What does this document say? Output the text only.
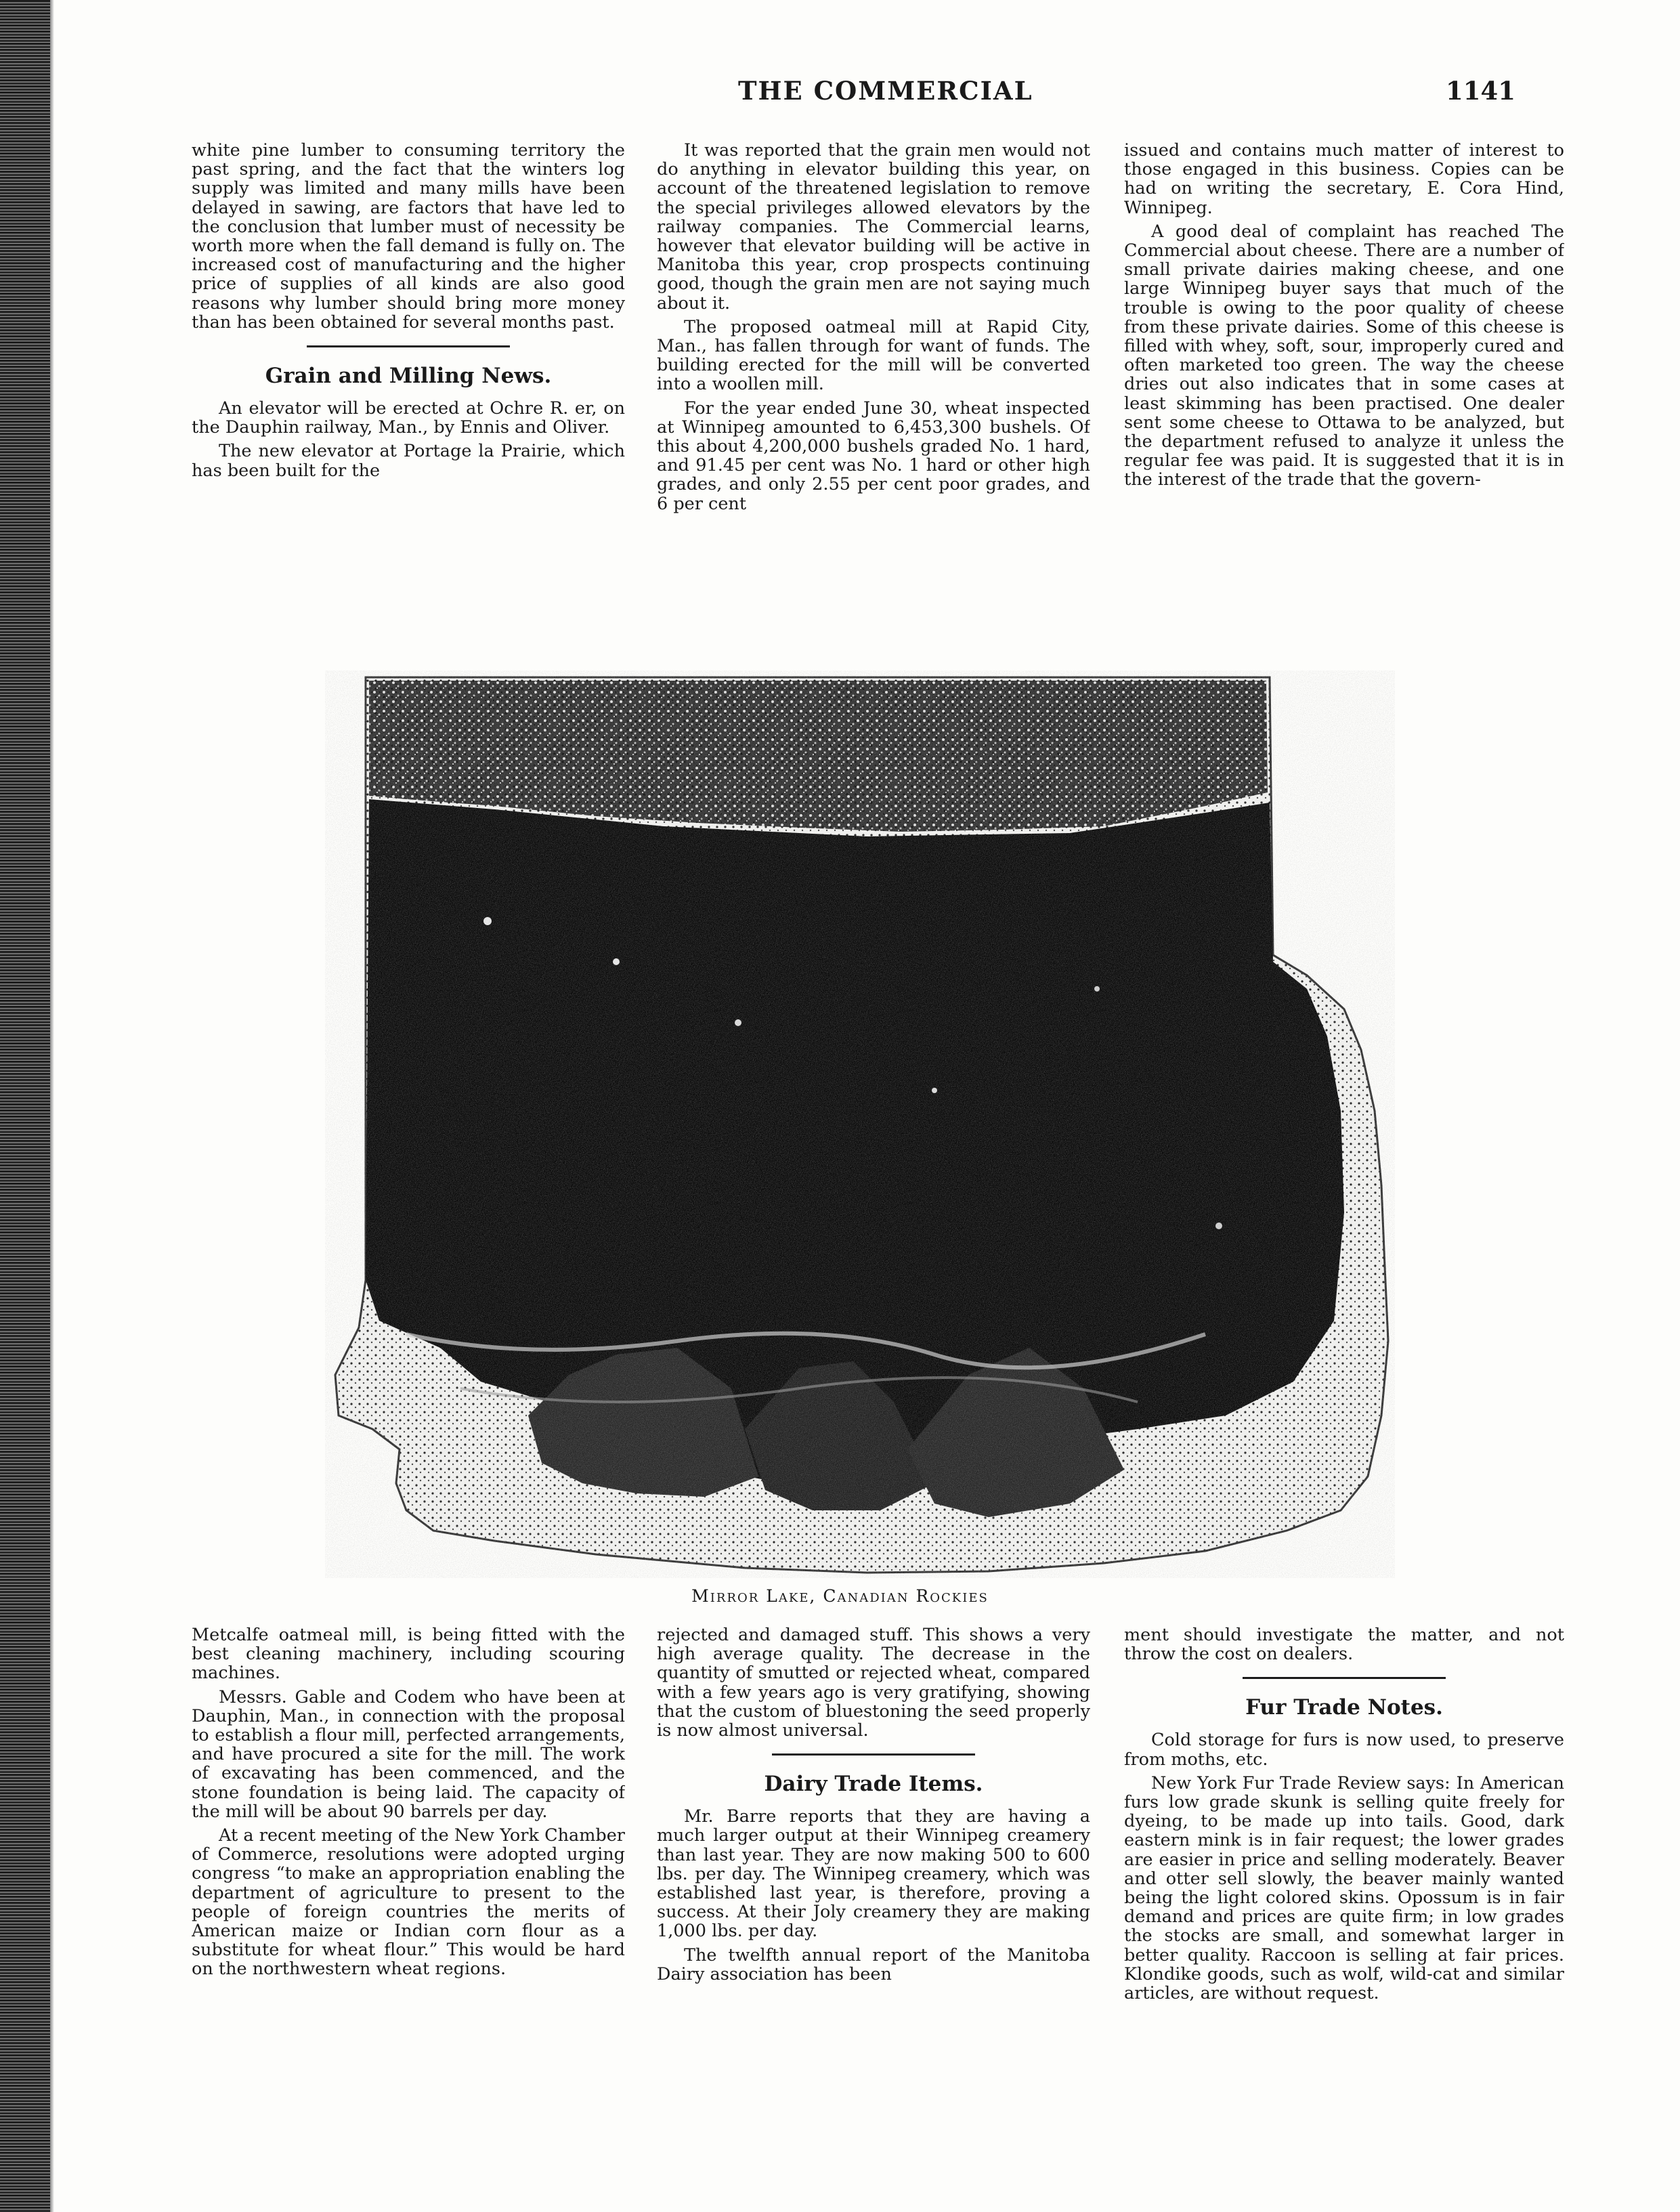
THE COMMERCIAL	1141

white pine lumber to consuming territory the past spring, and the fact that the winters log supply was limited and many mills have been delayed in sawing, are factors that have led to the conclusion that lumber must of necessity be worth more when the fall demand is fully on. The increased cost of manufacturing and the higher price of supplies of all kinds are also good reasons why lumber should bring more money than has been obtained for several months past.

Grain and Milling News.

An elevator will be erected at Ochre R. er, on the Dauphin railway, Man., by Ennis and Oliver.

The new elevator at Portage la Prairie, which has been built for the

It was reported that the grain men would not do anything in elevator building this year, on account of the threatened legislation to remove the special privileges allowed elevators by the railway companies. The Commercial learns, however that elevator building will be active in Manitoba this year, crop prospects continuing good, though the grain men are not saying much about it.

The proposed oatmeal mill at Rapid City, Man., has fallen through for want of funds. The building erected for the mill will be converted into a woollen mill.

For the year ended June 30, wheat inspected at Winnipeg amounted to 6,453,300 bushels. Of this about 4,200,000 bushels graded No. 1 hard, and 91.45 per cent was No. 1 hard or other high grades, and only 2.55 per cent poor grades, and 6 per cent

issued and contains much matter of interest to those engaged in this business. Copies can be had on writing the secretary, E. Cora Hind, Winnipeg.

A good deal of complaint has reached The Commercial about cheese. There are a number of small private dairies making cheese, and one large Winnipeg buyer says that much of the trouble is owing to the poor quality of cheese from these private dairies. Some of this cheese is filled with whey, soft, sour, improperly cured and often marketed too green. The way the cheese dries out also indicates that in some cases at least skimming has been practised. One dealer sent some cheese to Ottawa to be analyzed, but the department refused to analyze it unless the regular fee was paid. It is suggested that it is in the interest of the trade that the govern-

Mirror Lake, Canadian Rockies

Metcalfe oatmeal mill, is being fitted with the best cleaning machinery, including scouring machines.

Messrs. Gable and Codem who have been at Dauphin, Man., in connection with the proposal to establish a flour mill, perfected arrangements, and have procured a site for the mill. The work of excavating has been commenced, and the stone foundation is being laid. The capacity of the mill will be about 90 barrels per day.

At a recent meeting of the New York Chamber of Commerce, resolutions were adopted urging congress “to make an appropriation enabling the department of agriculture to present to the people of foreign countries the merits of American maize or Indian corn flour as a substitute for wheat flour.” This would be hard on the northwestern wheat regions.

rejected and damaged stuff. This shows a very high average quality. The decrease in the quantity of smutted or rejected wheat, compared with a few years ago is very gratifying, showing that the custom of bluestoning the seed properly is now almost universal.

Dairy Trade Items.

Mr. Barre reports that they are having a much larger output at their Winnipeg creamery than last year. They are now making 500 to 600 lbs. per day. The Winnipeg creamery, which was established last year, is therefore, proving a success. At their Joly creamery they are making 1,000 lbs. per day.

The twelfth annual report of the Manitoba Dairy association has been

ment should investigate the matter, and not throw the cost on dealers.

Fur Trade Notes.

Cold storage for furs is now used, to preserve from moths, etc.

New York Fur Trade Review says: In American furs low grade skunk is selling quite freely for dyeing, to be made up into tails. Good, dark eastern mink is in fair request; the lower grades are easier in price and selling moderately. Beaver and otter sell slowly, the beaver mainly wanted being the light colored skins. Opossum is in fair demand and prices are quite firm; in low grades the stocks are small, and somewhat larger in better quality. Raccoon is selling at fair prices. Klondike goods, such as wolf, wild-cat and similar articles, are without request.
